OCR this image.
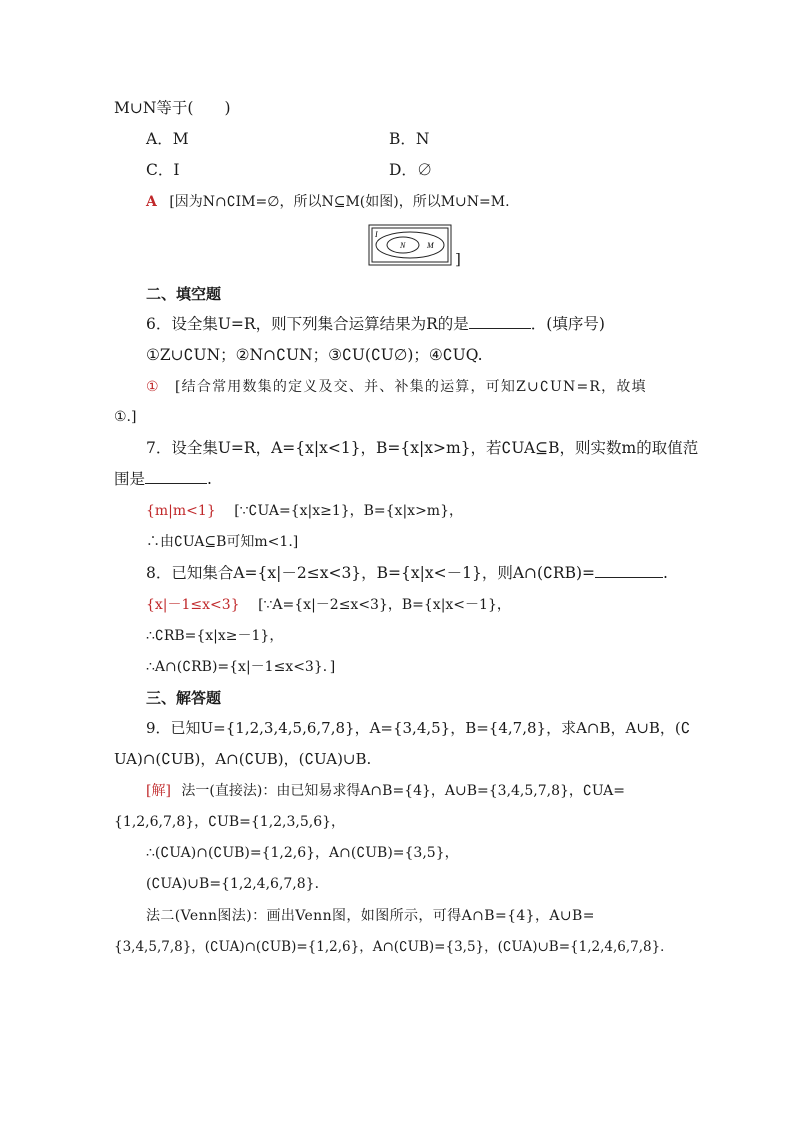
M∪N等于(　　)
A．M	B．N
C．I	D．∅
A [因为N∩∁IM=∅，所以N⊆M(如图)，所以M∪N=M.
I
N	M
]
二、填空题
6．设全集U=R，则下列集合运算结果为R的是	．(填序号)
①Z∪∁UN；②N∩∁UN；③∁U(∁U∅)；④∁UQ.
① [结合常用数集的定义及交、并、补集的运算，可知Z∪∁UN=R，故填
①.]
7．设全集U=R，A={x|x<1}，B={x|x>m}，若∁UA⊆B，则实数m的取值范
围是	.
{m|m<1} [∵∁UA={x|x≥1}，B={x|x>m}，
∴由∁UA⊆B可知m<1.]
8．已知集合A={x|－2≤x<3}，B={x|x<－1}，则A∩(∁RB)=	.
{x|－1≤x<3} [∵A={x|－2≤x<3}，B={x|x<－1}，
∴∁RB={x|x≥－1}，
∴A∩(∁RB)={x|－1≤x<3}．]
三、解答题
9．已知U={1,2,3,4,5,6,7,8}，A={3,4,5}，B={4,7,8}，求A∩B，A∪B，(∁
UA)∩(∁UB)，A∩(∁UB)，(∁UA)∪B.
[解] 法一(直接法)：由已知易求得A∩B={4}，A∪B={3,4,5,7,8}，∁UA=
{1,2,6,7,8}，∁UB={1,2,3,5,6}，
∴(∁UA)∩(∁UB)={1,2,6}，A∩(∁UB)={3,5}，
(∁UA)∪B={1,2,4,6,7,8}．
法二(Venn图法)：画出Venn图，如图所示，可得A∩B={4}，A∪B=
{3,4,5,7,8}，(∁UA)∩(∁UB)={1,2,6}，A∩(∁UB)={3,5}，(∁UA)∪B={1,2,4,6,7,8}．
